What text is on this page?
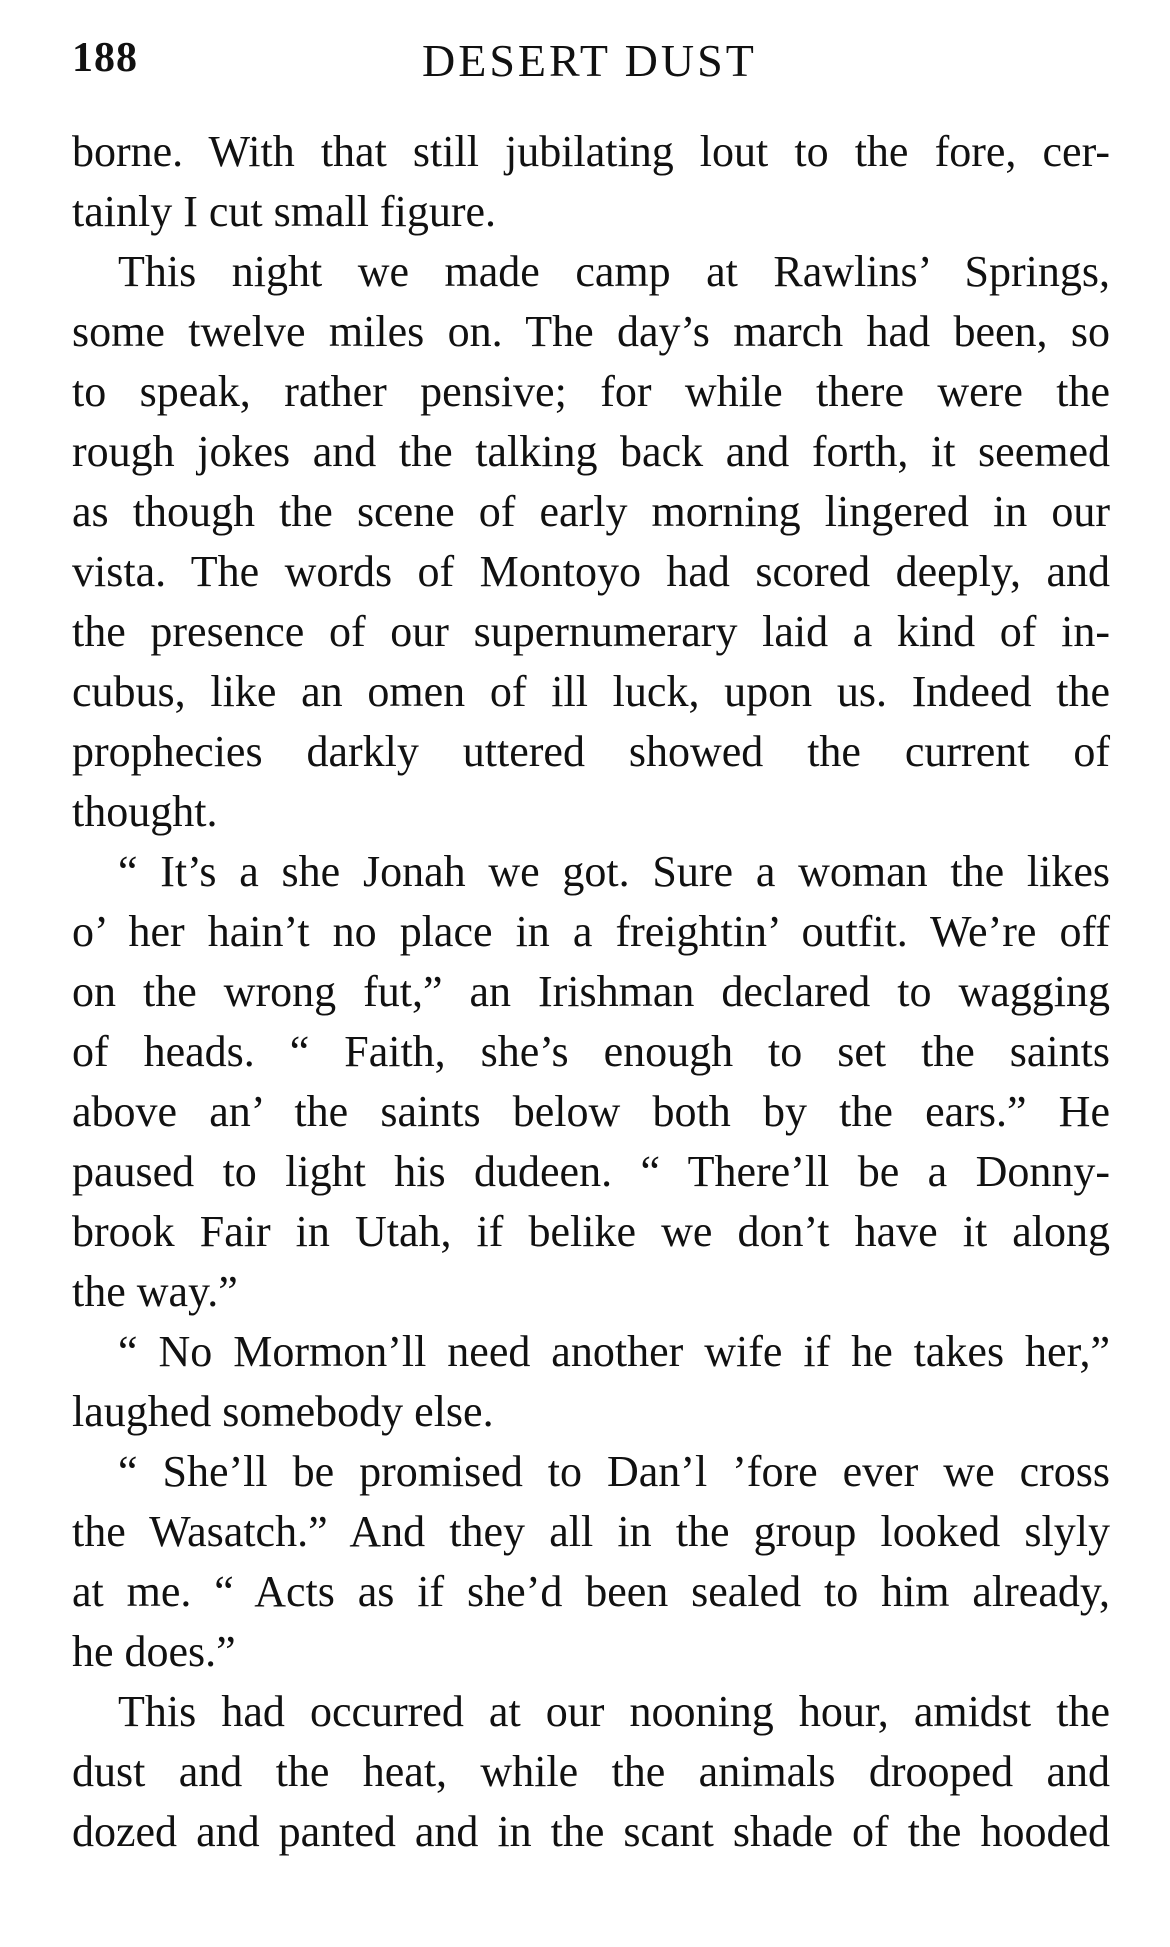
188	DESERT DUST
borne. With that still jubilating lout to the fore, cer-
tainly I cut small figure.
This night we made camp at Rawlins’ Springs,
some twelve miles on. The day’s march had been, so
to speak, rather pensive; for while there were the
rough jokes and the talking back and forth, it seemed
as though the scene of early morning lingered in our
vista. The words of Montoyo had scored deeply, and
the presence of our supernumerary laid a kind of in-
cubus, like an omen of ill luck, upon us. Indeed the
prophecies darkly uttered showed the current of
thought.
“ It’s a she Jonah we got. Sure a woman the likes
o’ her hain’t no place in a freightin’ outfit. We’re off
on the wrong fut,” an Irishman declared to wagging
of heads. “ Faith, she’s enough to set the saints
above an’ the saints below both by the ears.” He
paused to light his dudeen. “ There’ll be a Donny-
brook Fair in Utah, if belike we don’t have it along
the way.”
“ No Mormon’ll need another wife if he takes her,”
laughed somebody else.
“ She’ll be promised to Dan’l ’fore ever we cross
the Wasatch.” And they all in the group looked slyly
at me. “ Acts as if she’d been sealed to him already,
he does.”
This had occurred at our nooning hour, amidst the
dust and the heat, while the animals drooped and
dozed and panted and in the scant shade of the hooded
